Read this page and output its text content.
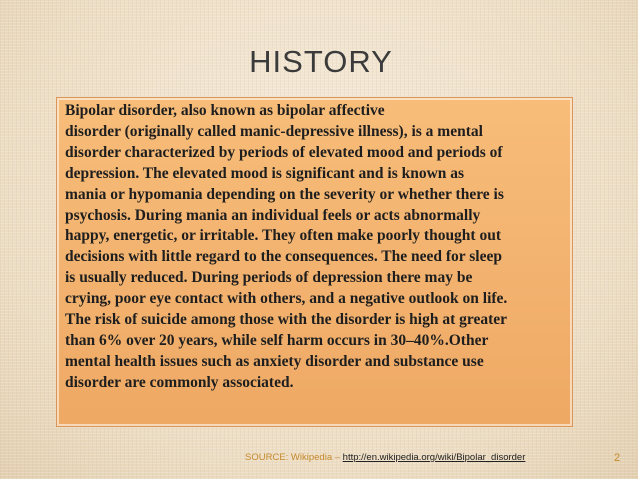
HISTORY

Bipolar disorder, also known as bipolar affective
disorder (originally called manic-depressive illness), is a mental
disorder characterized by periods of elevated mood and periods of
depression. The elevated mood is significant and is known as
mania or hypomania depending on the severity or whether there is
psychosis. During mania an individual feels or acts abnormally
happy, energetic, or irritable. They often make poorly thought out
decisions with little regard to the consequences. The need for sleep
is usually reduced. During periods of depression there may be
crying, poor eye contact with others, and a negative outlook on life.
The risk of suicide among those with the disorder is high at greater
than 6% over 20 years, while self harm occurs in 30–40%.Other
mental health issues such as anxiety disorder and substance use
disorder are commonly associated.

SOURCE: Wikipedia – http://en.wikipedia.org/wiki/Bipolar_disorder	2
